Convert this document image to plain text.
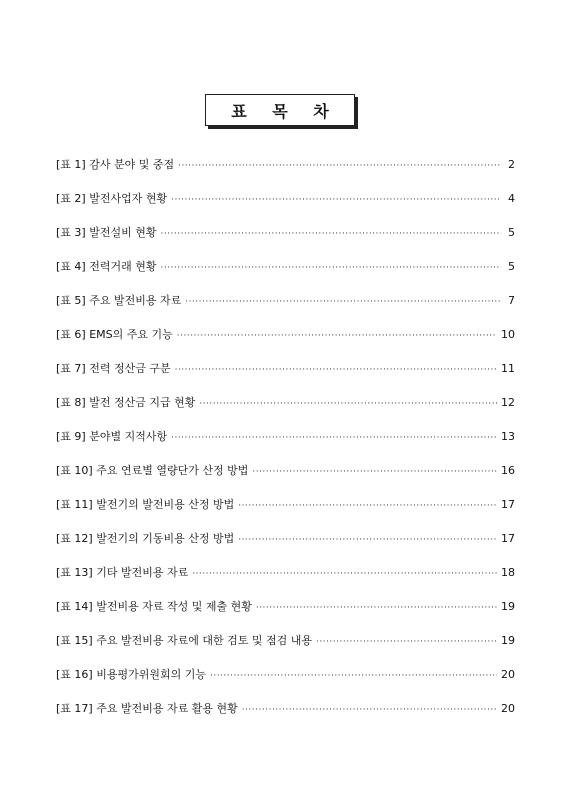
표 목 차
[표 1] 감사 분야 및 중점 ·····	2
[표 2] 발전사업자 현황 ·····	4
[표 3] 발전설비 현황 ·····	5
[표 4] 전력거래 현황 ·····	5
[표 5] 주요 발전비용 자료 ·····	7
[표 6] EMS의 주요 기능 ·····	10
[표 7] 전력 정산금 구분 ·····	11
[표 8] 발전 정산금 지급 현황 ·····	12
[표 9] 분야별 지적사항 ·····	13
[표 10] 주요 연료별 열량단가 산정 방법 ·····	16
[표 11] 발전기의 발전비용 산정 방법 ·····	17
[표 12] 발전기의 기동비용 산정 방법 ·····	17
[표 13] 기타 발전비용 자료 ·····	18
[표 14] 발전비용 자료 작성 및 제출 현황 ·····	19
[표 15] 주요 발전비용 자료에 대한 검토 및 점검 내용 ·····	19
[표 16] 비용평가위원회의 기능 ·····	20
[표 17] 주요 발전비용 자료 활용 현황 ·····	20
